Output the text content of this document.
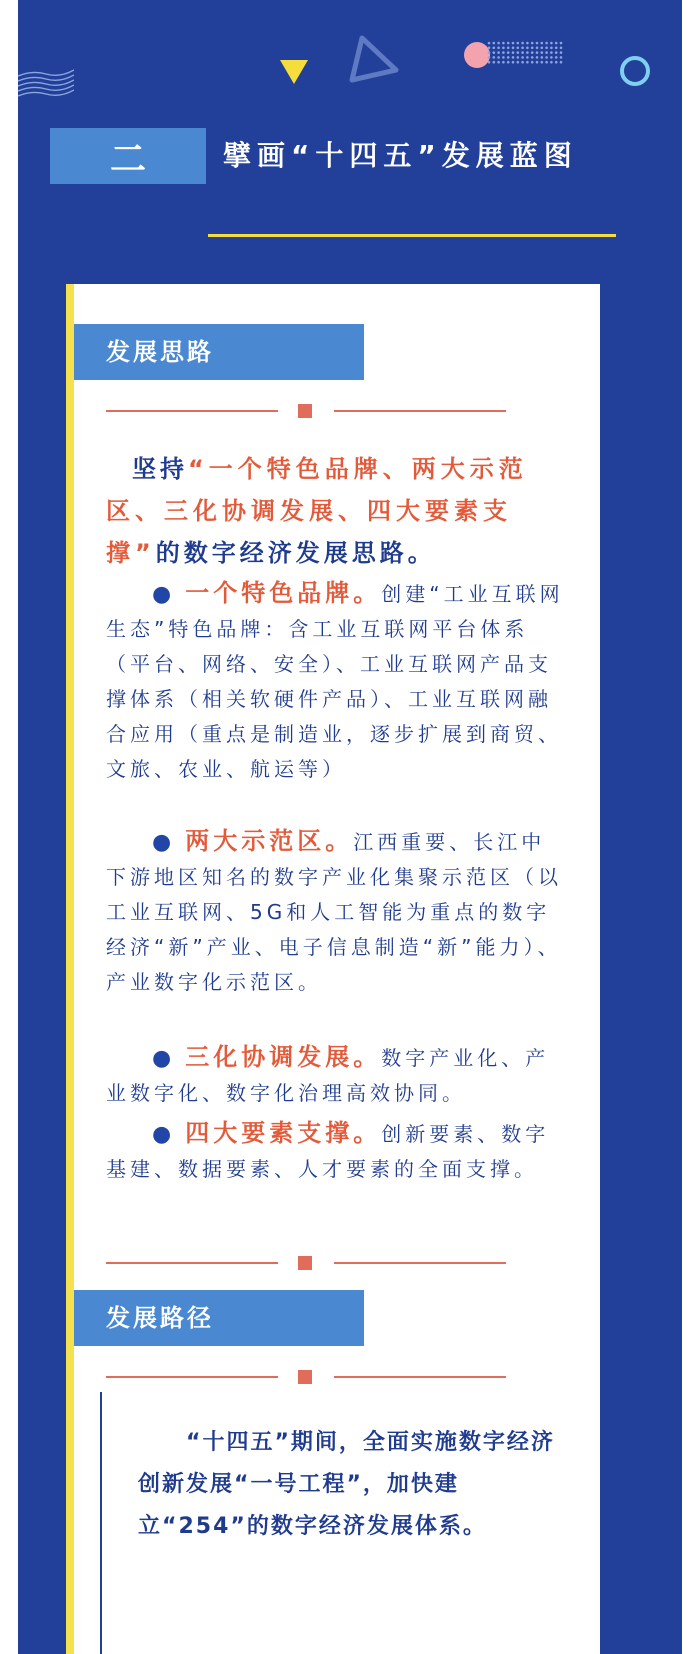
二	擘画“十四五”发展蓝图
发展思路
坚持“一个特色品牌、两大示范区、三化协调发展、四大要素支撑”的数字经济发展思路。
● 一个特色品牌。创建“工业互联网生态”特色品牌：含工业互联网平台体系（平台、网络、安全）、工业互联网产品支撑体系（相关软硬件产品）、工业互联网融合应用（重点是制造业，逐步扩展到商贸、文旅、农业、航运等）
● 两大示范区。江西重要、长江中下游地区知名的数字产业化集聚示范区（以工业互联网、5G和人工智能为重点的数字经济“新”产业、电子信息制造“新”能力）、产业数字化示范区。
● 三化协调发展。数字产业化、产业数字化、数字化治理高效协同。
● 四大要素支撑。创新要素、数字基建、数据要素、人才要素的全面支撑。
发展路径
“十四五”期间，全面实施数字经济创新发展“一号工程”，加快建立“254”的数字经济发展体系。
